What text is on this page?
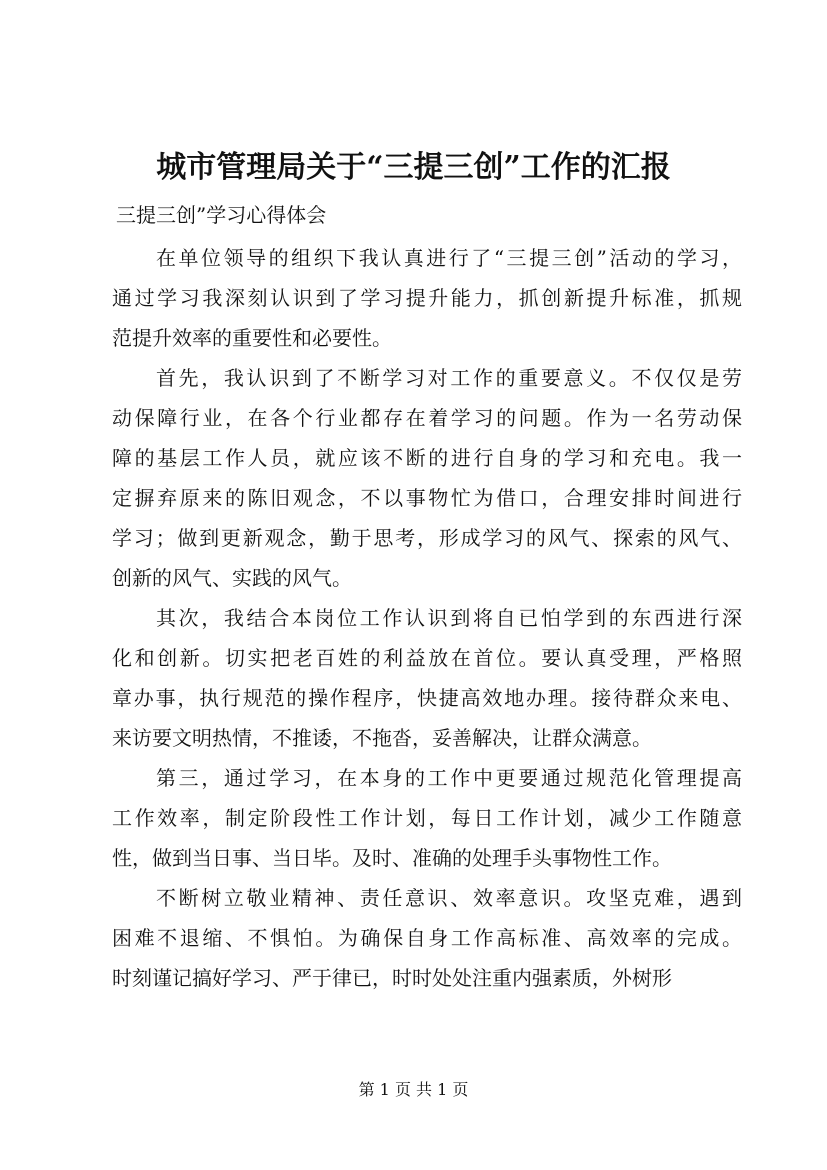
城市管理局关于“三提三创”工作的汇报

三提三创”学习心得体会

在单位领导的组织下我认真进行了“三提三创”活动的学习，
通过学习我深刻认识到了学习提升能力，抓创新提升标准，抓规
范提升效率的重要性和必要性。
首先，我认识到了不断学习对工作的重要意义。不仅仅是劳
动保障行业，在各个行业都存在着学习的问题。作为一名劳动保
障的基层工作人员，就应该不断的进行自身的学习和充电。我一
定摒弃原来的陈旧观念，不以事物忙为借口，合理安排时间进行
学习；做到更新观念，勤于思考，形成学习的风气、探索的风气、
创新的风气、实践的风气。
其次，我结合本岗位工作认识到将自已怕学到的东西进行深
化和创新。切实把老百姓的利益放在首位。要认真受理，严格照
章办事，执行规范的操作程序，快捷高效地办理。接待群众来电、
来访要文明热情，不推诿，不拖沓，妥善解决，让群众满意。
第三，通过学习，在本身的工作中更要通过规范化管理提高
工作效率，制定阶段性工作计划，每日工作计划，减少工作随意
性，做到当日事、当日毕。及时、准确的处理手头事物性工作。
不断树立敬业精神、责任意识、效率意识。攻坚克难，遇到
困难不退缩、不惧怕。为确保自身工作高标准、高效率的完成。
时刻谨记搞好学习、严于律已，时时处处注重内强素质，外树形

第 1 页 共 1 页
